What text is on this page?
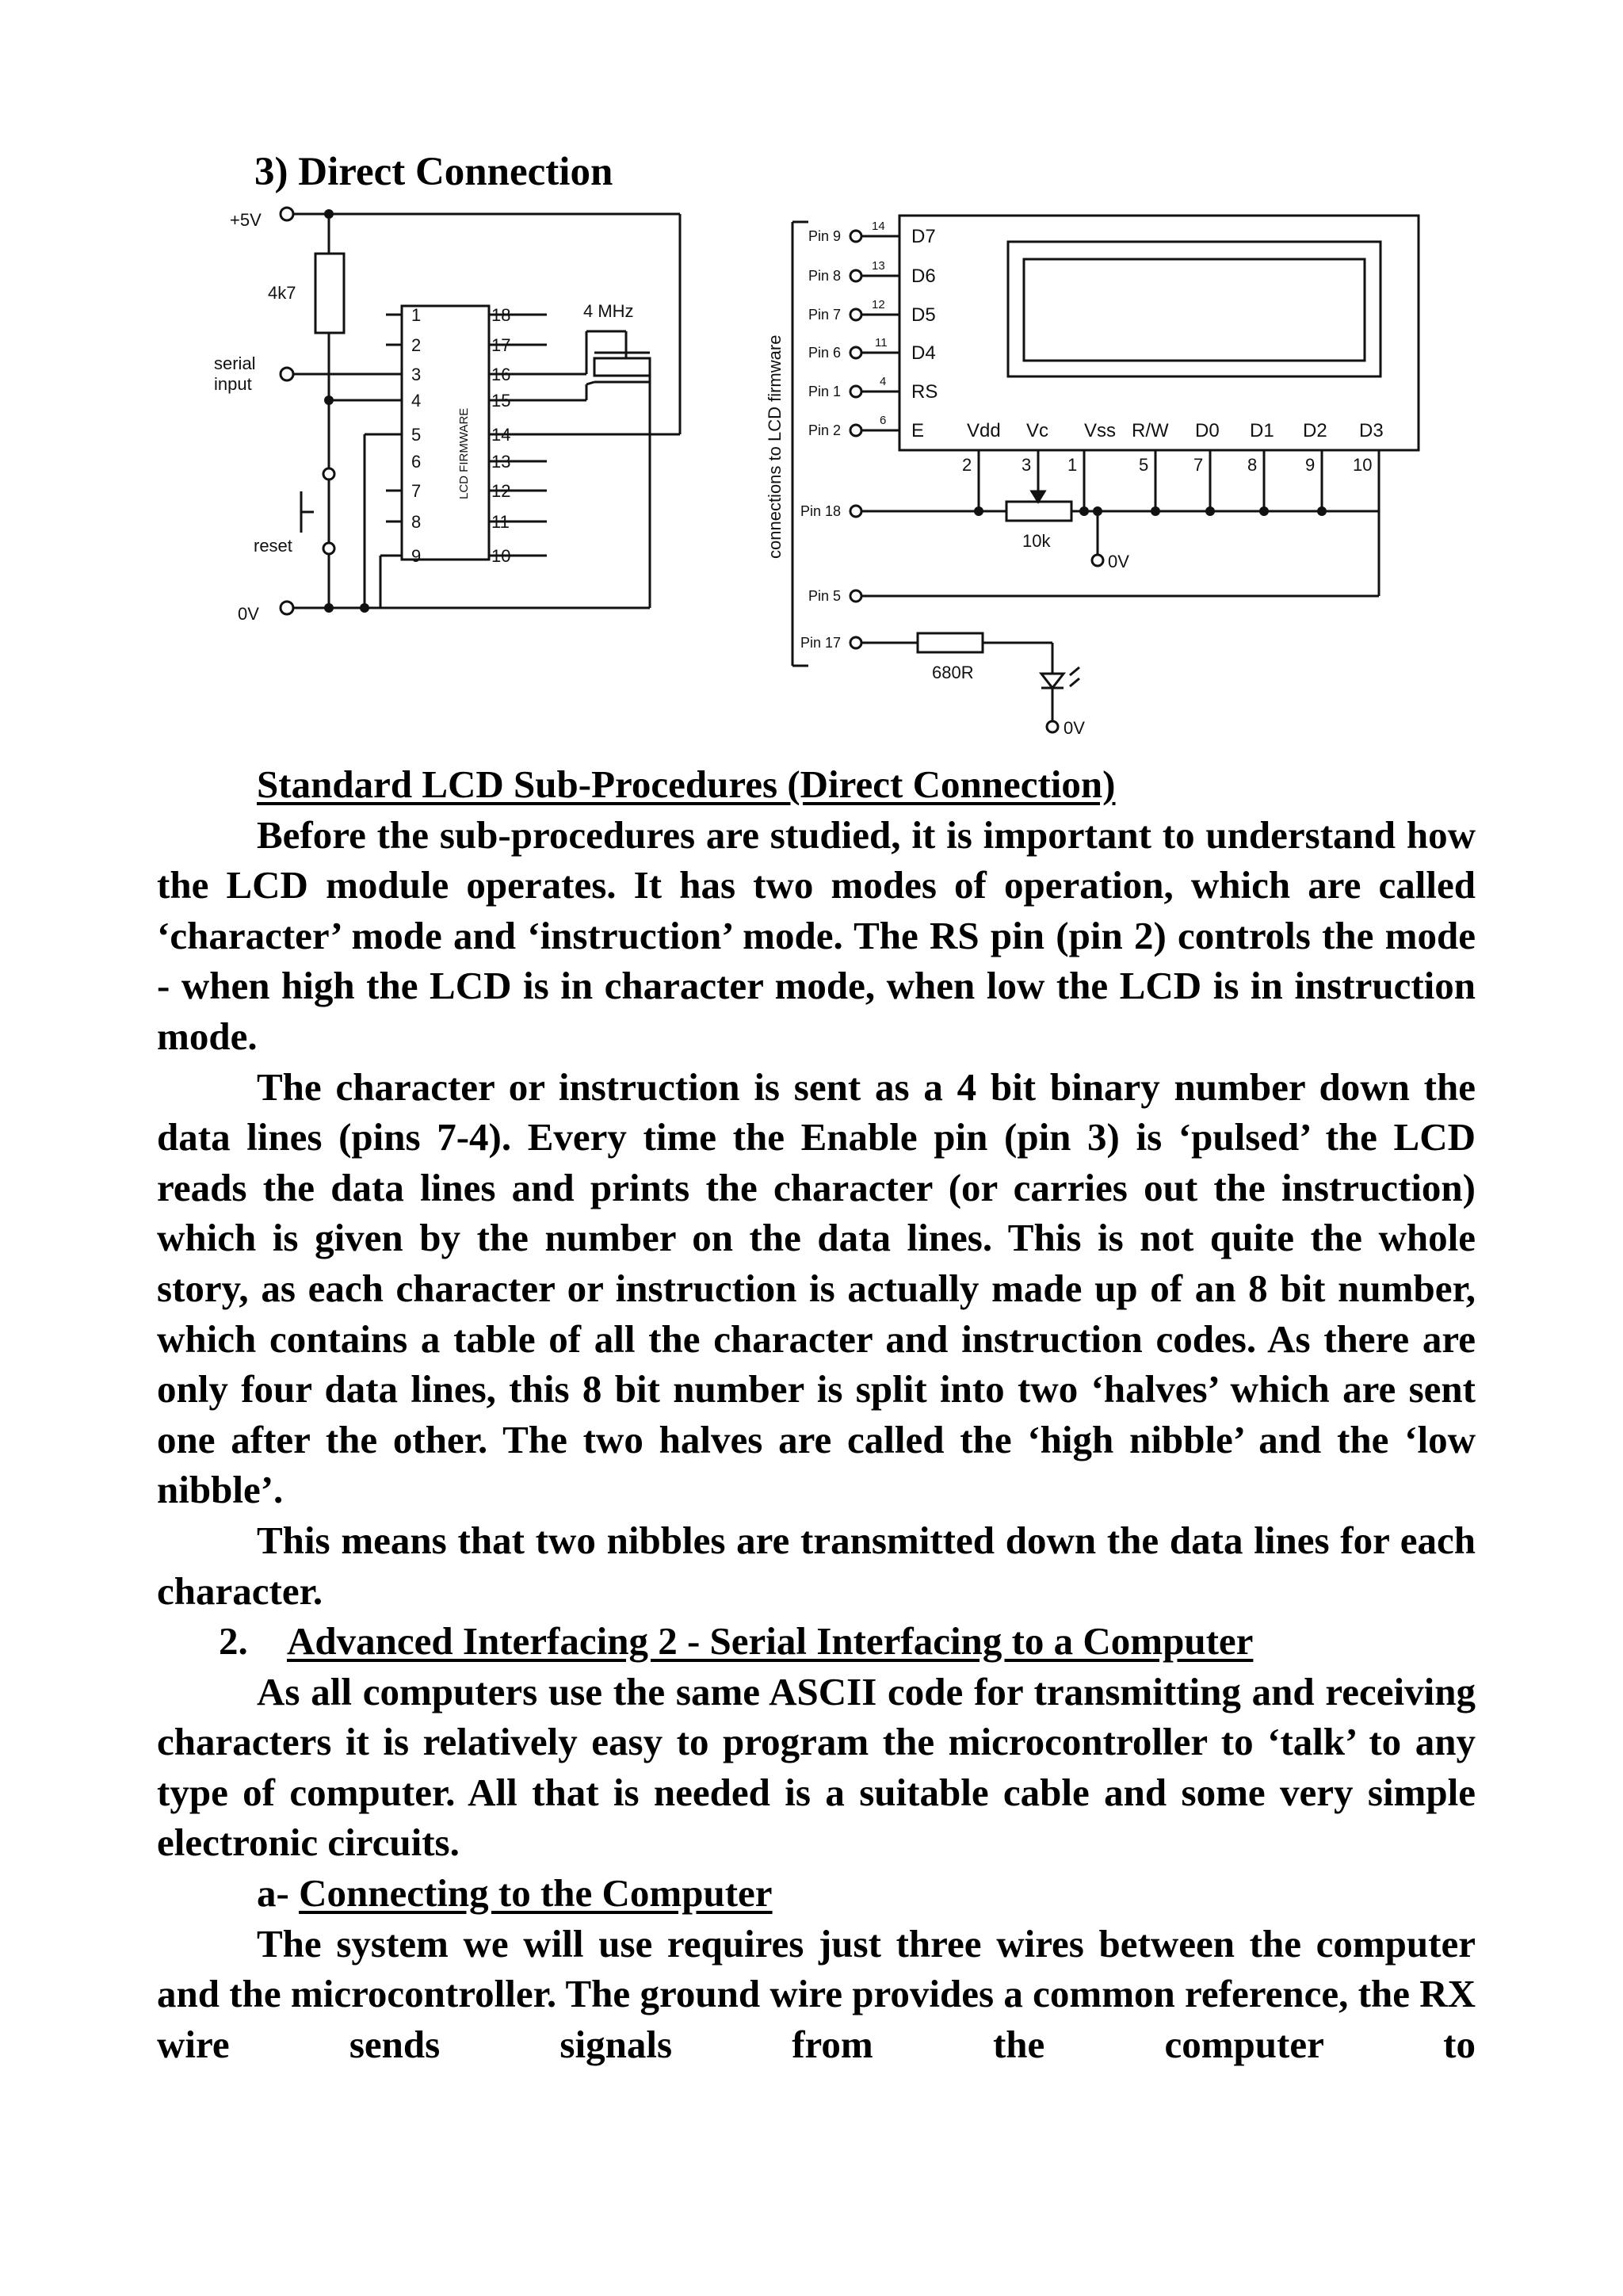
3) Direct Connection
+5V
4k7
serial
input
reset
0V
4 MHz
LCD FIRMWARE
1
2
3
4
5
6
7
8
9
18
17
16
15
14
13
12
11
10	connections to LCD firmware
Pin 9
Pin 8
Pin 7
Pin 6
Pin 1
Pin 2
14
13
12
11
4
6
D7
D6
D5
D4
RS
E Vdd Vc Vss R/W D0 D1 D2 D3
2	3 1	5	7	8	9 10
Pin 18
Pin 5
Pin 17
10k
0V
680R
0V
Standard LCD Sub-Procedures (Direct Connection)

Before the sub-procedures are studied, it is important to understand how the LCD module operates. It has two modes of operation, which are called ‘character’ mode and ‘instruction’ mode. The RS pin (pin 2) controls the mode - when high the LCD is in character mode, when low the LCD is in instruction mode.

The character or instruction is sent as a 4 bit binary number down the data lines (pins 7-4). Every time the Enable pin (pin 3) is ‘pulsed’ the LCD reads the data lines and prints the character (or carries out the instruction) which is given by the number on the data lines. This is not quite the whole story, as each character or instruction is actually made up of an 8 bit number, which contains a table of all the character and instruction codes. As there are only four data lines, this 8 bit number is split into two ‘halves’ which are sent one after the other. The two halves are called the ‘high nibble’ and the ‘low nibble’.

This means that two nibbles are transmitted down the data lines for each character.

2. Advanced Interfacing 2 - Serial Interfacing to a Computer

As all computers use the same ASCII code for transmitting and receiving characters it is relatively easy to program the microcontroller to ‘talk’ to any type of computer. All that is needed is a suitable cable and some very simple electronic circuits.

a- Connecting to the Computer

The system we will use requires just three wires between the computer and the microcontroller. The ground wire provides a common reference, the RX wire sends signals from the computer to
